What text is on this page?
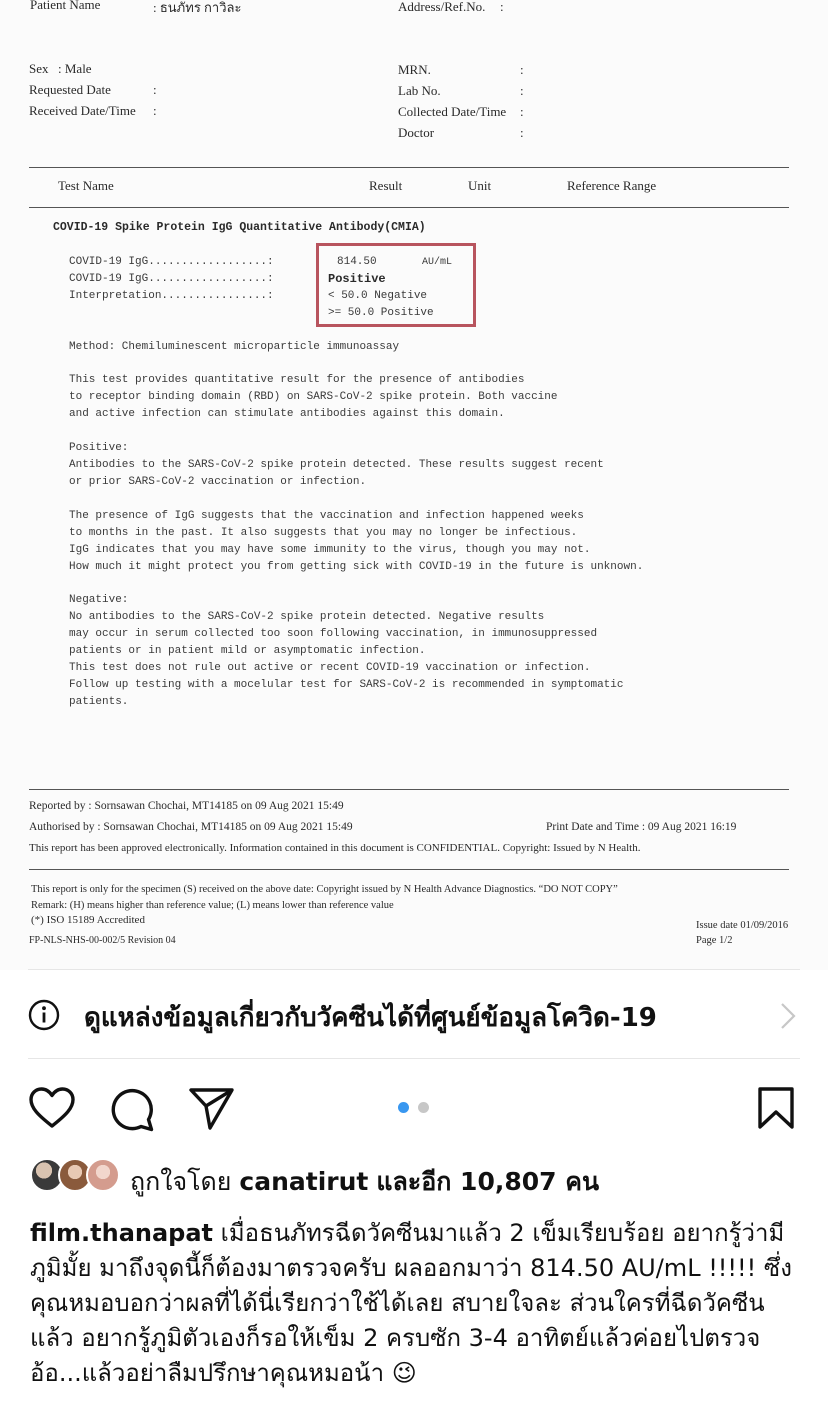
Patient Name	: ธนภัทร กาวิละ	Address/Ref.No. :
Sex : Male
Requested Date	:
Received Date/Time :
MRN.	:
Lab No.	:
Collected Date/Time :
Doctor	:
Test Name	Result	Unit	Reference Range
COVID-19 Spike Protein IgG Quantitative Antibody(CMIA)
COVID-19 IgG..................:	814.50	AU/mL
COVID-19 IgG..................:	Positive
Interpretation................:	< 50.0 Negative
>= 50.0 Positive
Method: Chemiluminescent microparticle immunoassay
This test provides quantitative result for the presence of antibodies
to receptor binding domain (RBD) on SARS-CoV-2 spike protein. Both vaccine
and active infection can stimulate antibodies against this domain.
Positive:
Antibodies to the SARS-CoV-2 spike protein detected. These results suggest recent
or prior SARS-CoV-2 vaccination or infection.
The presence of IgG suggests that the vaccination and infection happened weeks
to months in the past. It also suggests that you may no longer be infectious.
IgG indicates that you may have some immunity to the virus, though you may not.
How much it might protect you from getting sick with COVID-19 in the future is unknown.
Negative:
No antibodies to the SARS-CoV-2 spike protein detected. Negative results
may occur in serum collected too soon following vaccination, in immunosuppressed
patients or in patient mild or asymptomatic infection.
This test does not rule out active or recent COVID-19 vaccination or infection.
Follow up testing with a mocelular test for SARS-CoV-2 is recommended in symptomatic
patients.
Reported by : Sornsawan Chochai, MT14185 on 09 Aug 2021 15:49
Authorised by : Sornsawan Chochai, MT14185 on 09 Aug 2021 15:49	Print Date and Time : 09 Aug 2021 16:19
This report has been approved electronically. Information contained in this document is CONFIDENTIAL. Copyright: Issued by N Health.
This report is only for the specimen (S) received on the above date: Copyright issued by N Health Advance Diagnostics. “DO NOT COPY”
Remark: (H) means higher than reference value; (L) means lower than reference value
(*) ISO 15189 Accredited
FP-NLS-NHS-00-002/5 Revision 04
Issue date 01/09/2016
Page 1/2
ดูแหล่งข้อมูลเกี่ยวกับวัคซีนได้ที่ศูนย์ข้อมูลโควิด-19
ถูกใจโดย canatirut และอีก 10,807 คน
film.thanapat เมื่อธนภัทรฉีดวัคซีนมาแล้ว 2 เข็มเรียบร้อย อยากรู้ว่ามีภูมิมั้ย มาถึงจุดนี้ก็ต้องมาตรวจครับ ผลออกมาว่า 814.50 AU/mL !!!!! ซึ่งคุณหมอบอกว่าผลที่ได้นี่เรียกว่าใช้ได้เลย สบายใจละ ส่วนใครที่ฉีดวัคซีนแล้ว อยากรู้ภูมิตัวเองก็รอให้เข็ม 2 ครบซัก 3-4 อาทิตย์แล้วค่อยไปตรวจ อ้อ...แล้วอย่าลืมปรึกษาคุณหมอน้า 😉
